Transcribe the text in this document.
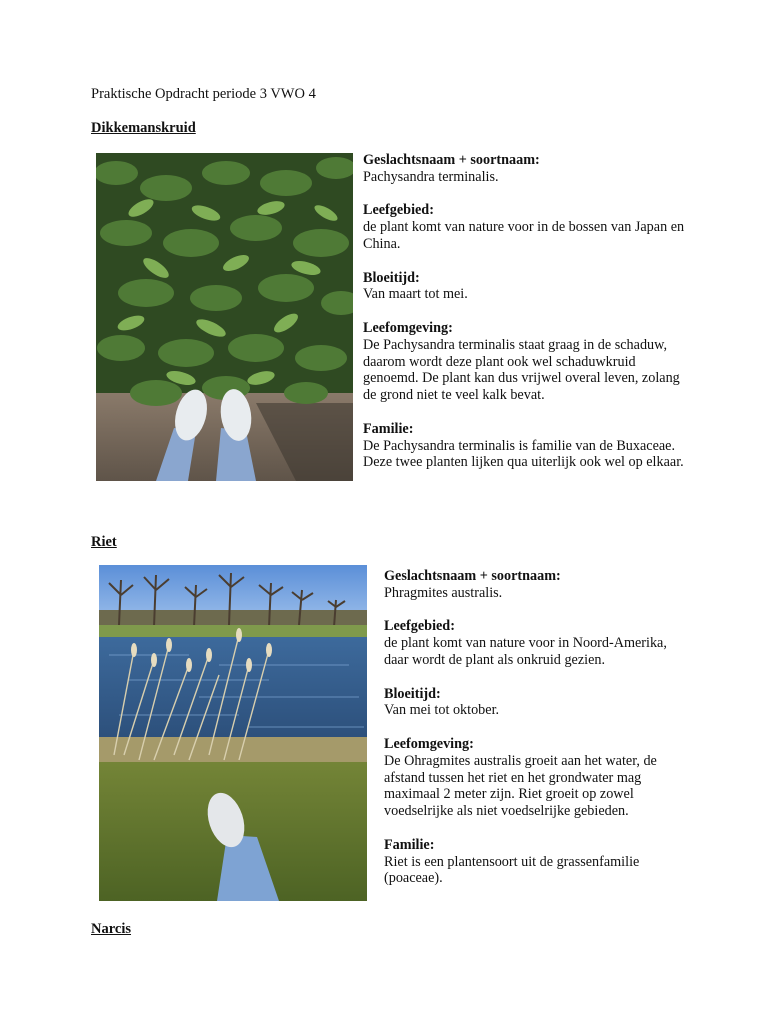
Praktische Opdracht periode 3 VWO 4
Dikkemanskruid
Geslachtsnaam + soortnaam:
Pachysandra terminalis.
Leefgebied:
de plant komt van nature voor in de bossen van Japan en
China.
Bloeitijd:
Van maart tot mei.
Leefomgeving:
De Pachysandra terminalis staat graag in de schaduw,
daarom wordt deze plant ook wel schaduwkruid
genoemd. De plant kan dus vrijwel overal leven, zolang
de grond niet te veel kalk bevat.
Familie:
De Pachysandra terminalis is familie van de Buxaceae.
Deze twee planten lijken qua uiterlijk ook wel op elkaar.
Riet
Geslachtsnaam + soortnaam:
Phragmites australis.
Leefgebied:
de plant komt van nature voor in Noord-Amerika,
daar wordt de plant als onkruid gezien.
Bloeitijd:
Van mei tot oktober.
Leefomgeving:
De Ohragmites australis groeit aan het water, de
afstand tussen het riet en het grondwater mag
maximaal 2 meter zijn. Riet groeit op zowel
voedselrijke als niet voedselrijke gebieden.
Familie:
Riet is een plantensoort uit de grassenfamilie
(poaceae).
Narcis
